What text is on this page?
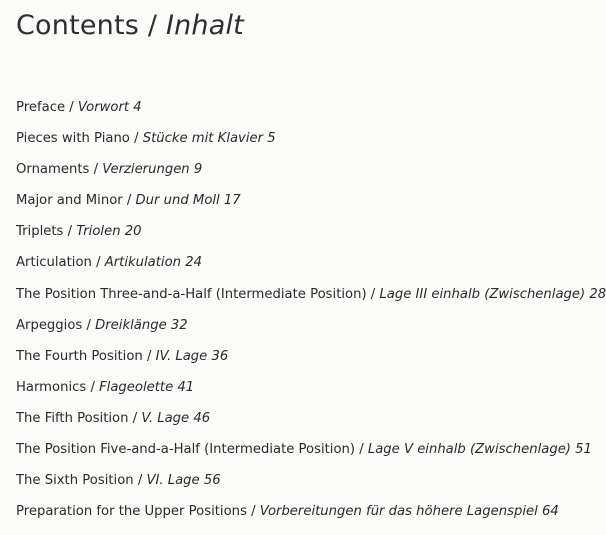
Contents / Inhalt
Preface / Vorwort 4
Pieces with Piano / Stücke mit Klavier 5
Ornaments / Verzierungen 9
Major and Minor / Dur und Moll 17
Triplets / Triolen 20
Articulation / Artikulation 24
The Position Three-and-a-Half (Intermediate Position) / Lage III einhalb (Zwischenlage) 28
Arpeggios / Dreiklänge 32
The Fourth Position / IV. Lage 36
Harmonics / Flageolette 41
The Fifth Position / V. Lage 46
The Position Five-and-a-Half (Intermediate Position) / Lage V einhalb (Zwischenlage) 51
The Sixth Position / VI. Lage 56
Preparation for the Upper Positions / Vorbereitungen für das höhere Lagenspiel 64
